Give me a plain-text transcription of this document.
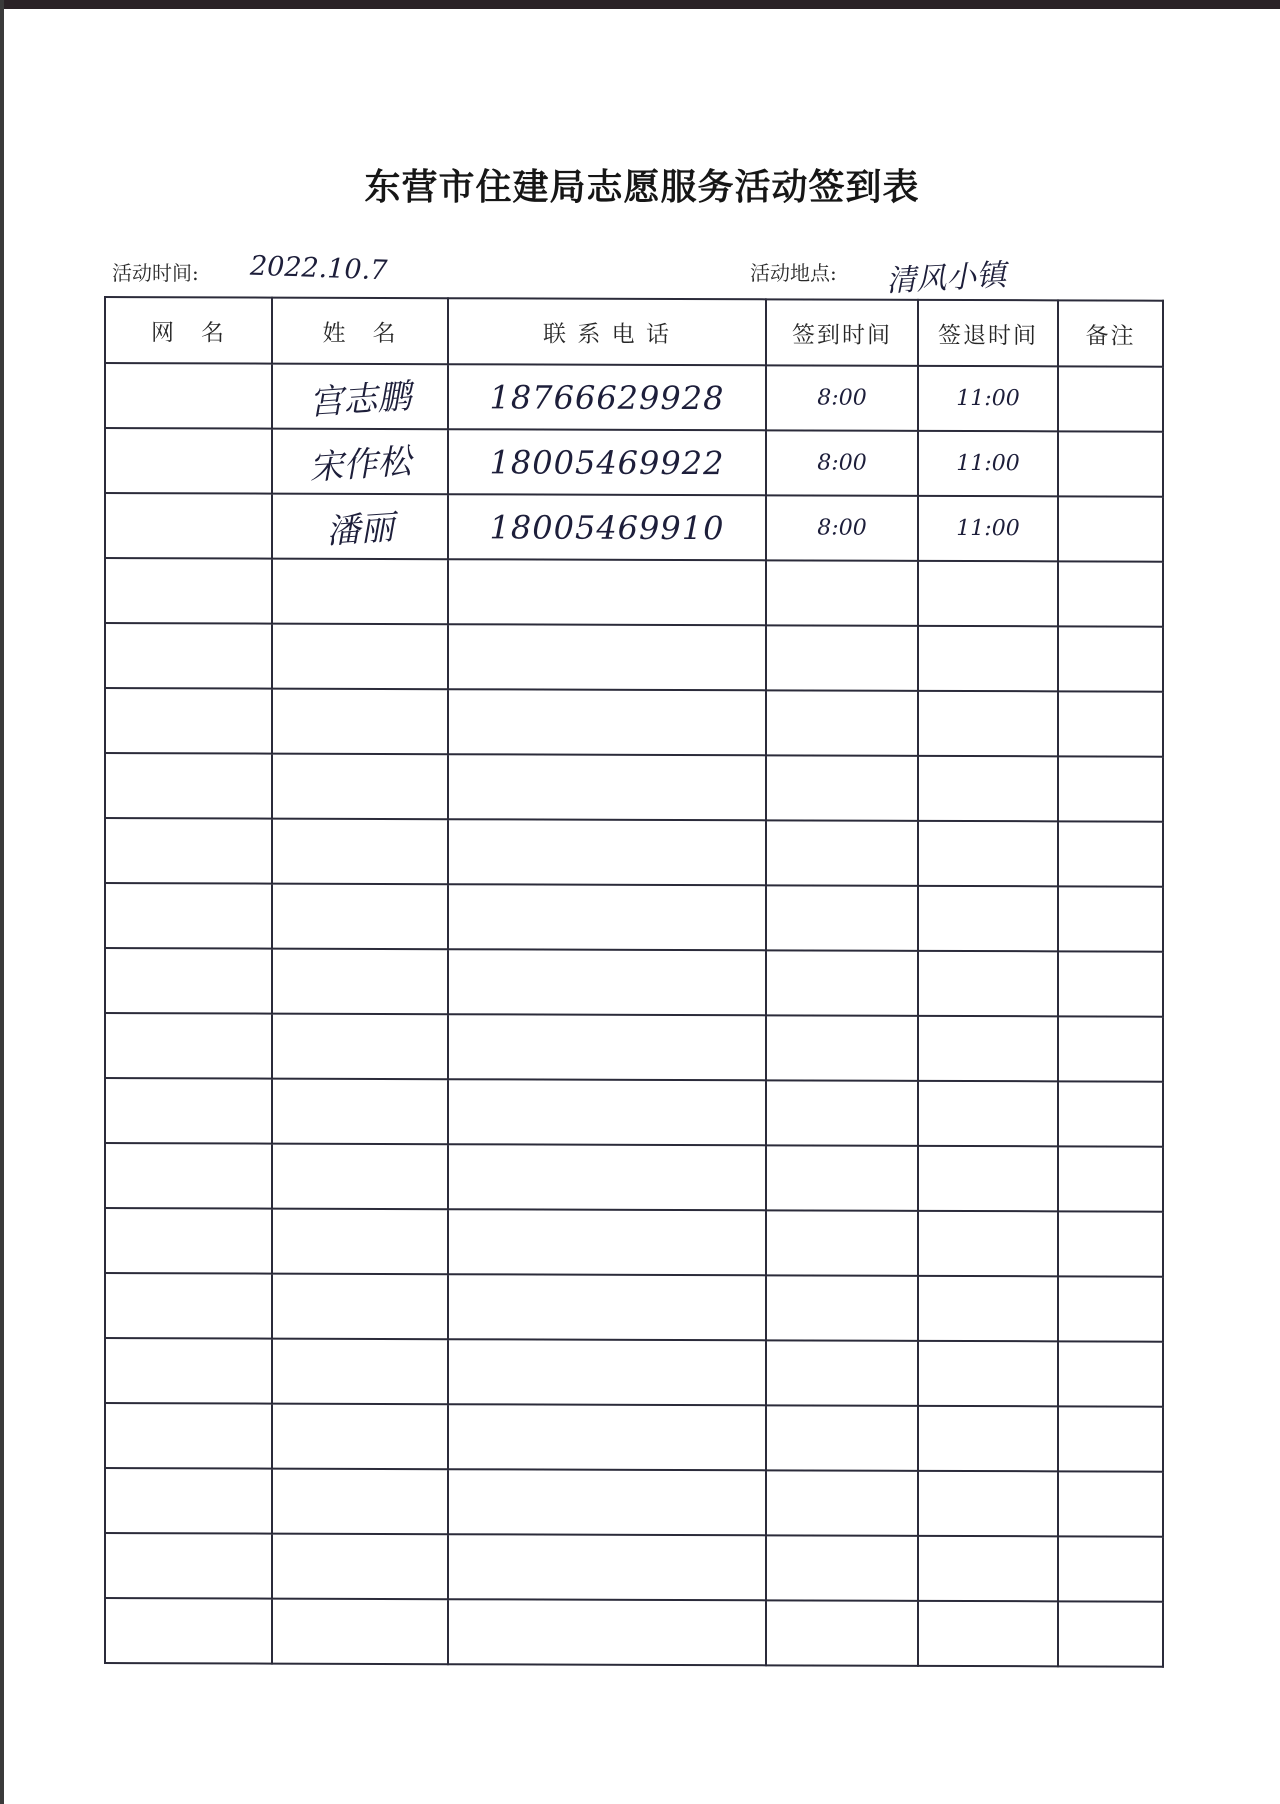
东营市住建局志愿服务活动签到表
活动时间: 2022.10.7	活动地点: 清风小镇
网　名	姓　名	联 系 电 话	签到时间	签退时间	备注
	宫志鹏	18766629928	8:00	11:00	
	宋作松	18005469922	8:00	11:00	
	潘丽	18005469910	8:00	11:00	
